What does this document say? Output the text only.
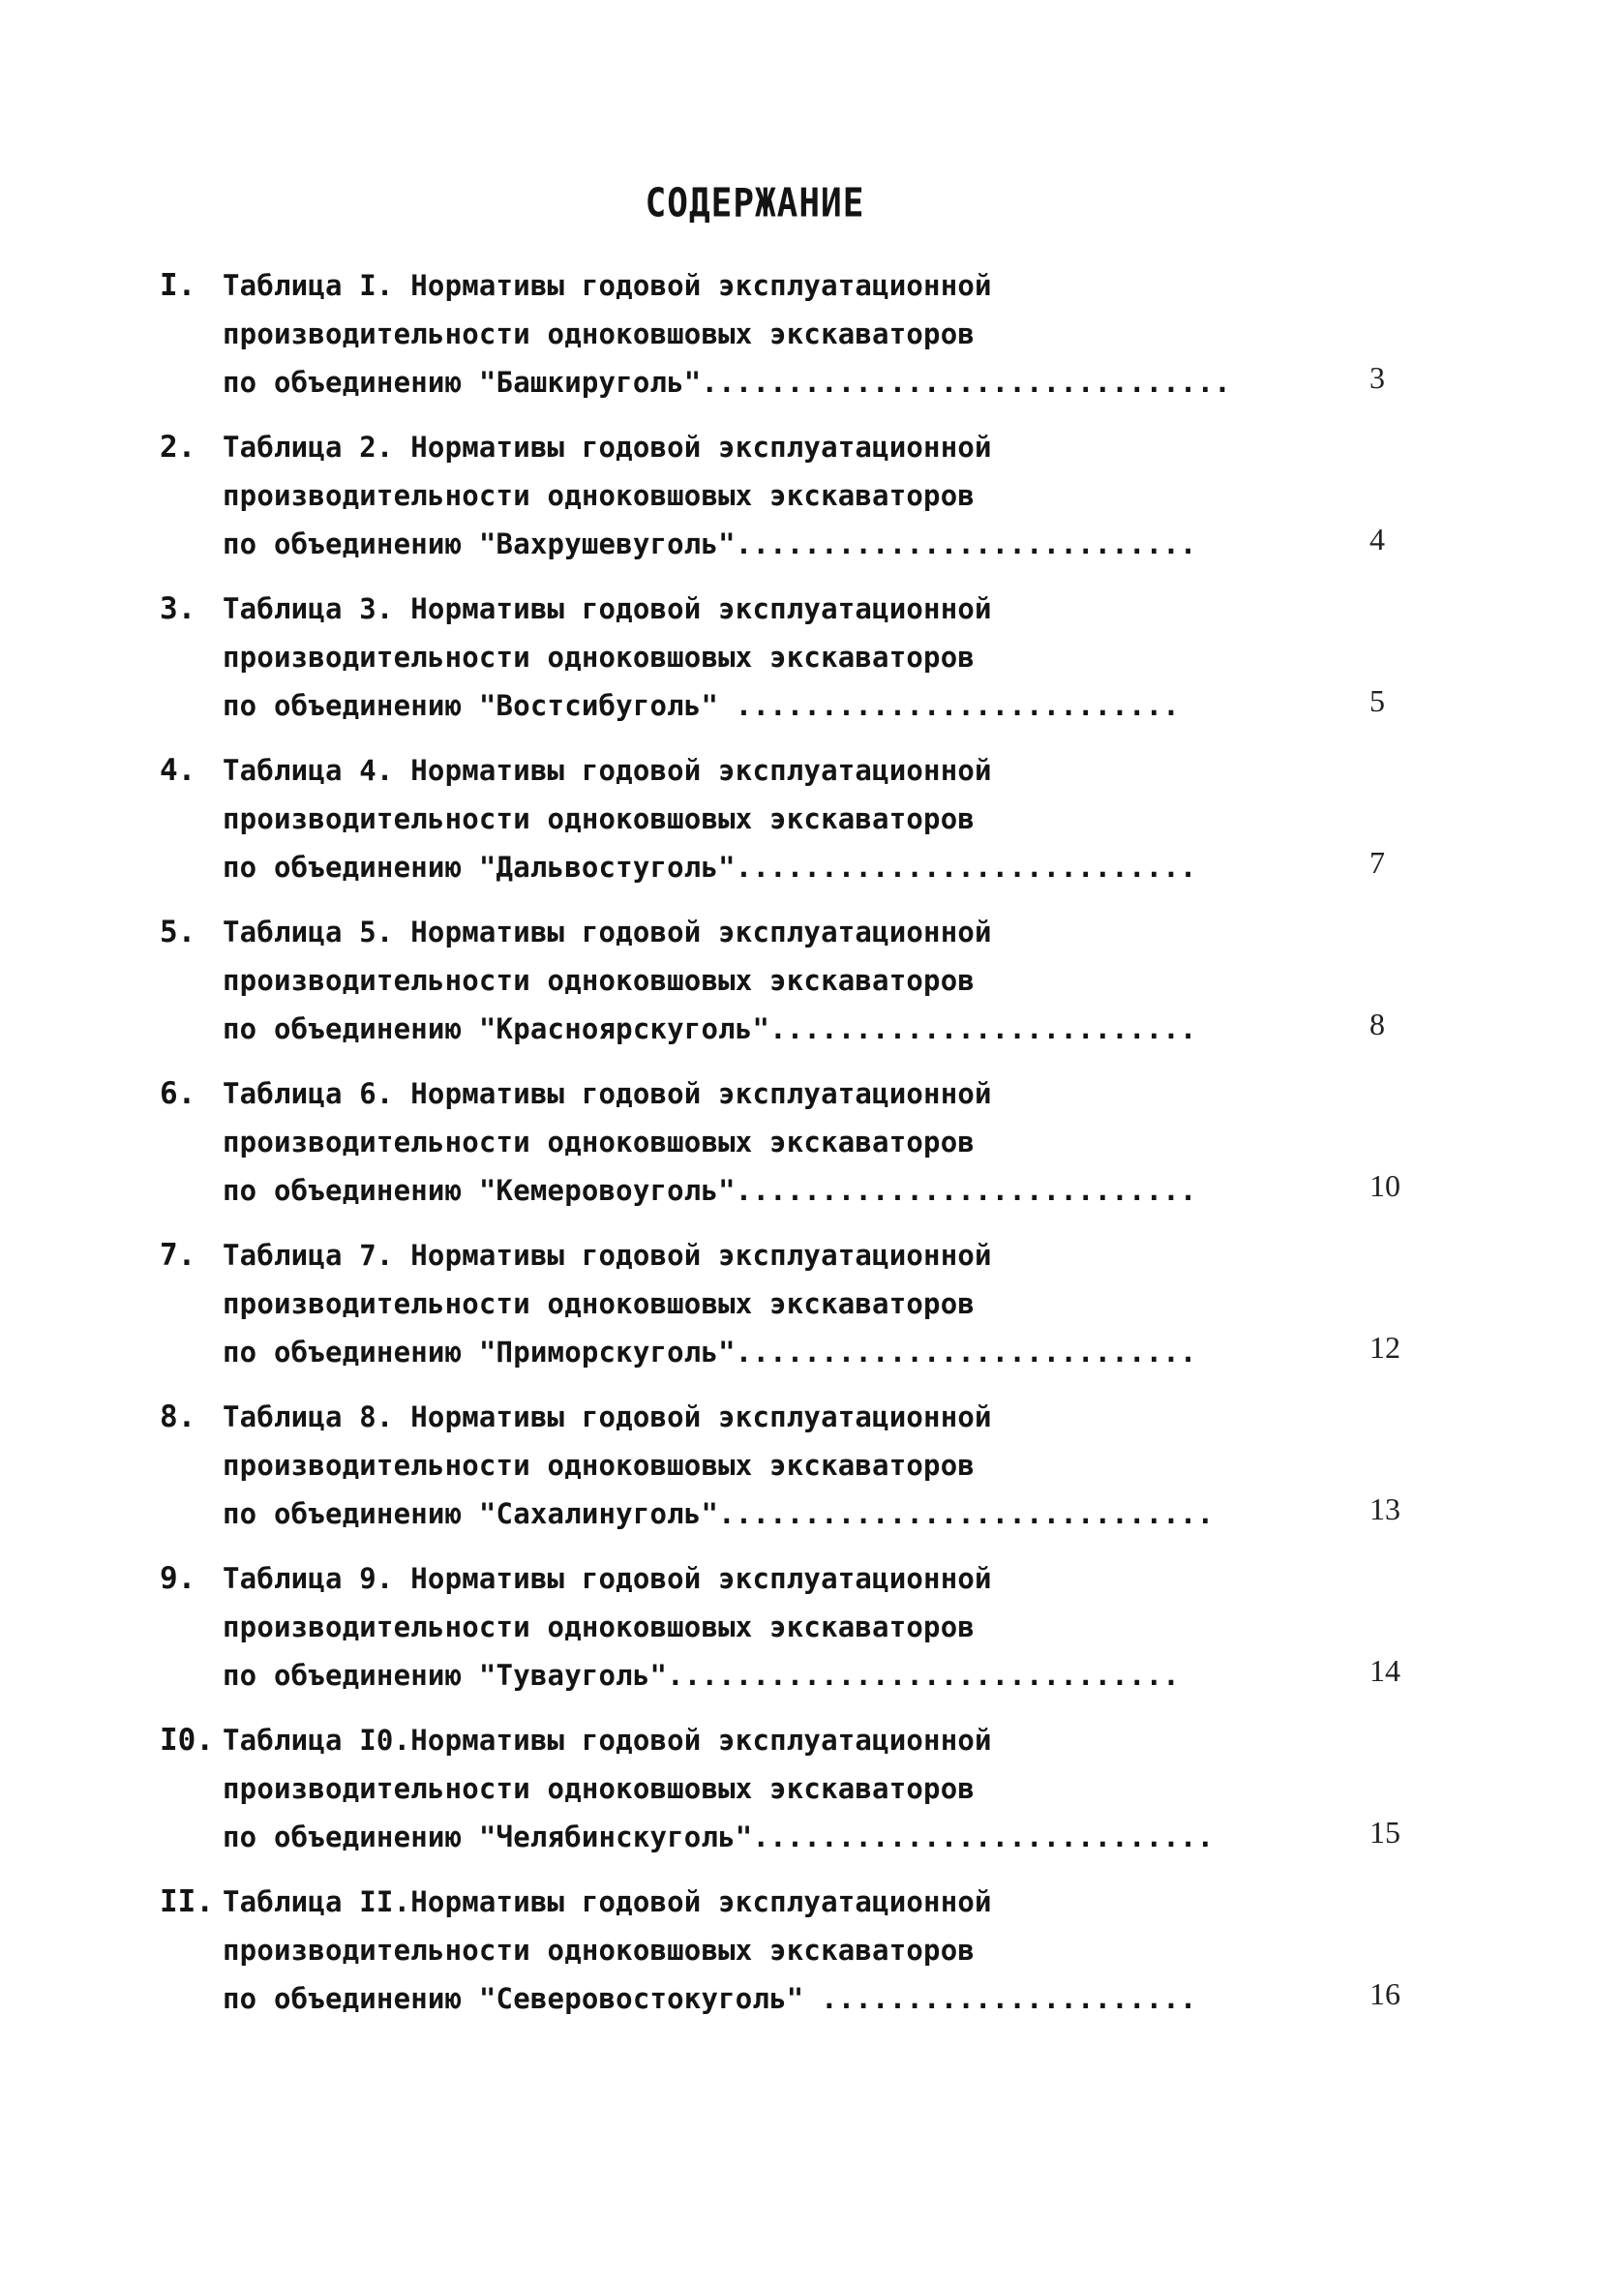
СОДЕРЖАНИЕ
I. Таблица I. Нормативы годовой эксплуатационной
производительности одноковшовых экскаваторов
по объединению "Башкируголь"...............................	3
2. Таблица 2. Нормативы годовой эксплуатационной
производительности одноковшовых экскаваторов
по объединению "Вахрушевуголь"...........................	4
3. Таблица 3. Нормативы годовой эксплуатационной
производительности одноковшовых экскаваторов
по объединению "Востсибуголь" ..........................	5
4. Таблица 4. Нормативы годовой эксплуатационной
производительности одноковшовых экскаваторов
по объединению "Дальвостуголь"...........................	7
5. Таблица 5. Нормативы годовой эксплуатационной
производительности одноковшовых экскаваторов
по объединению "Красноярскуголь".........................	8
6. Таблица 6. Нормативы годовой эксплуатационной
производительности одноковшовых экскаваторов
по объединению "Кемеровоуголь"...........................	10
7. Таблица 7. Нормативы годовой эксплуатационной
производительности одноковшовых экскаваторов
по объединению "Приморскуголь"...........................	12
8. Таблица 8. Нормативы годовой эксплуатационной
производительности одноковшовых экскаваторов
по объединению "Сахалинуголь".............................	13
9. Таблица 9. Нормативы годовой эксплуатационной
производительности одноковшовых экскаваторов
по объединению "Тувауголь"..............................	14
I0. Таблица I0.Нормативы годовой эксплуатационной
производительности одноковшовых экскаваторов
по объединению "Челябинскуголь"...........................	15
II. Таблица II.Нормативы годовой эксплуатационной
производительности одноковшовых экскаваторов
по объединению "Северовостокуголь" ......................	16
